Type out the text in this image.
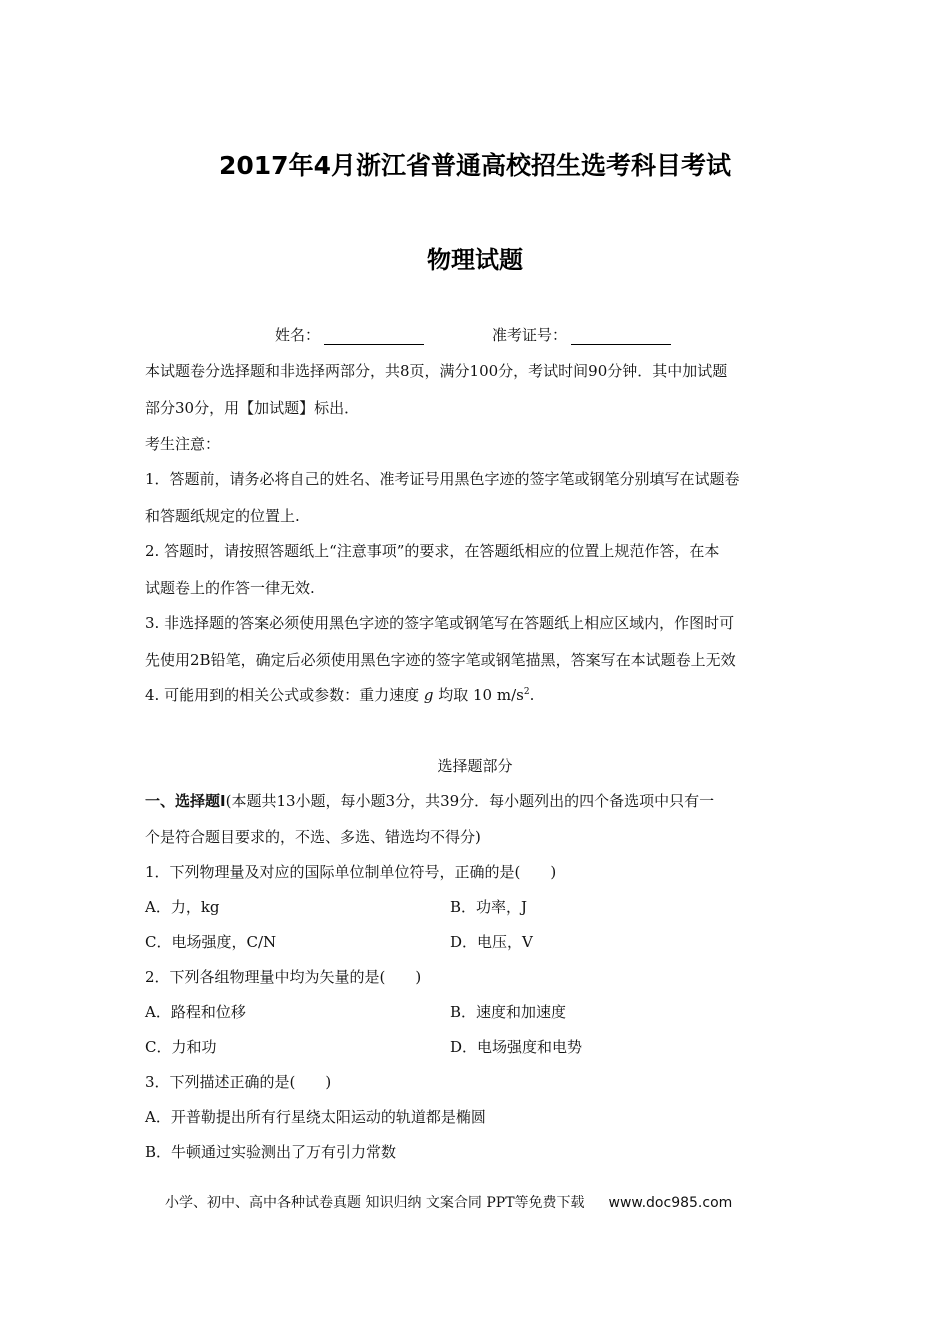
2017年4月浙江省普通高校招生选考科目考试
物理试题
姓名：	准考证号：
本试题卷分选择题和非选择两部分，共8页，满分100分，考试时间90分钟．其中加试题
部分30分，用【加试题】标出．
考生注意：
1．答题前，请务必将自己的姓名、准考证号用黑色字迹的签字笔或钢笔分别填写在试题卷
和答题纸规定的位置上.
2. 答题时，请按照答题纸上“注意事项”的要求，在答题纸相应的位置上规范作答，在本
试题卷上的作答一律无效.
3. 非选择题的答案必须使用黑色字迹的签字笔或钢笔写在答题纸上相应区域内，作图时可
先使用2B铅笔，确定后必须使用黑色字迹的签字笔或钢笔描黑，答案写在本试题卷上无效
4. 可能用到的相关公式或参数：重力速度 g 均取 10 $m/s^2$.
选择题部分
一、选择题Ⅰ(本题共13小题，每小题3分，共39分．每小题列出的四个备选项中只有一
个是符合题目要求的，不选、多选、错选均不得分)
1．下列物理量及对应的国际单位制单位符号，正确的是(　　)
A．力，kg	B．功率，J
C．电场强度，C/N	D．电压，V
2．下列各组物理量中均为矢量的是(　　)
A．路程和位移	B．速度和加速度
C．力和功	D．电场强度和电势
3．下列描述正确的是(　　)
A．开普勒提出所有行星绕太阳运动的轨道都是椭圆
B．牛顿通过实验测出了万有引力常数
小学、初中、高中各种试卷真题 知识归纳 文案合同 PPT等免费下载 www.doc985.com
